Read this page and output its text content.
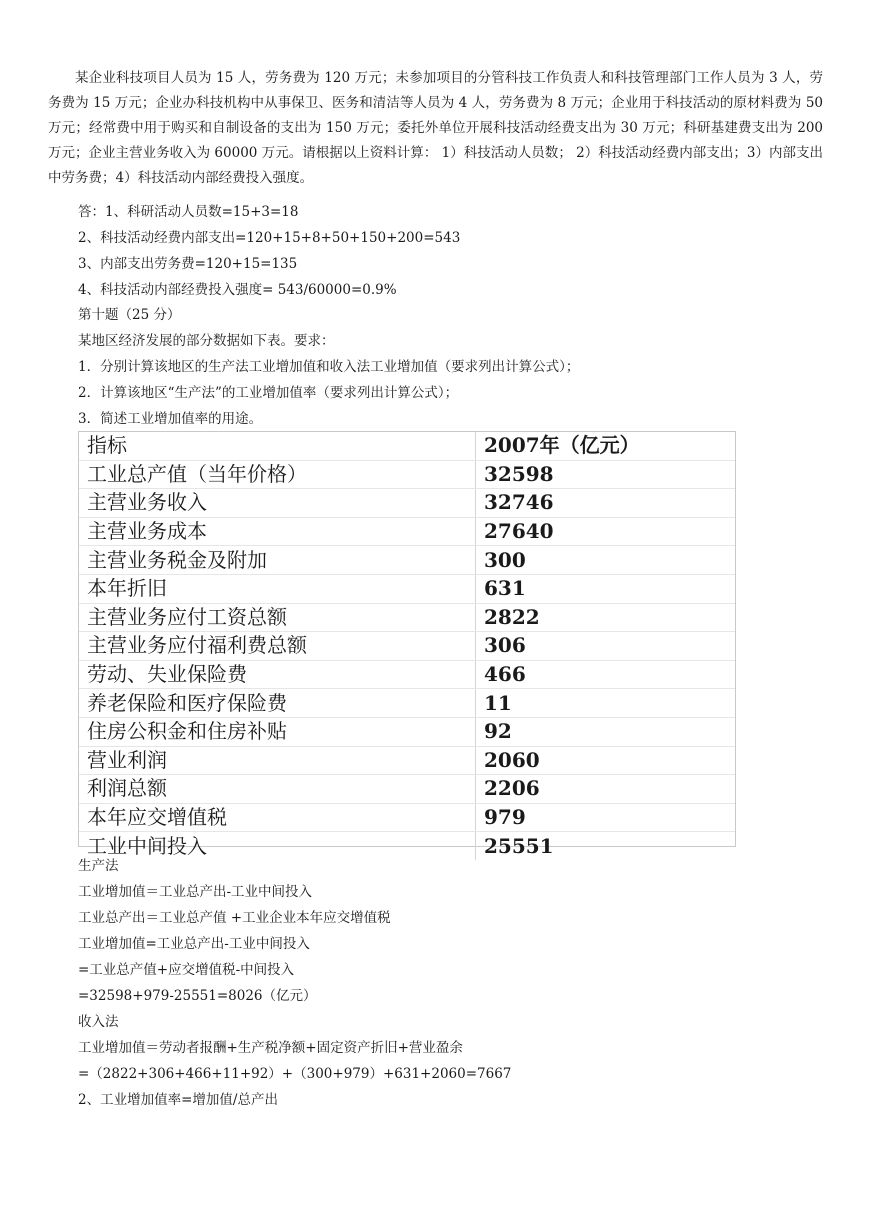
某企业科技项目人员为 15 人，劳务费为 120 万元；未参加项目的分管科技工作负责人和科技管理部门工作人员为 3 人，劳务费为 15 万元；企业办科技机构中从事保卫、医务和清洁等人员为 4 人，劳务费为 8 万元；企业用于科技活动的原材料费为 50 万元；经常费中用于购买和自制设备的支出为 150 万元；委托外单位开展科技活动经费支出为 30 万元；科研基建费支出为 200 万元；企业主营业务收入为 60000 万元。请根据以上资料计算： 1）科技活动人员数； 2）科技活动经费内部支出；3）内部支出中劳务费；4）科技活动内部经费投入强度。

答：1、科研活动人员数=15+3=18

2、科技活动经费内部支出=120+15+8+50+150+200=543

3、内部支出劳务费=120+15=135

4、科技活动内部经费投入强度= 543/60000=0.9%

第十题（25 分）

某地区经济发展的部分数据如下表。要求：

1．分别计算该地区的生产法工业增加值和收入法工业增加值（要求列出计算公式）；

2．计算该地区“生产法”的工业增加值率（要求列出计算公式）；

3．简述工业增加值率的用途。

指标	2007年（亿元）
工业总产值（当年价格）	32598
主营业务收入	32746
主营业务成本	27640
主营业务税金及附加	300
本年折旧	631
主营业务应付工资总额	2822
主营业务应付福利费总额	306
劳动、失业保险费	466
养老保险和医疗保险费	11
住房公积金和住房补贴	92
营业利润	2060
利润总额	2206
本年应交增值税	979
工业中间投入	25551

生产法

工业增加值＝工业总产出-工业中间投入

工业总产出＝工业总产值 +工业企业本年应交增值税

工业增加值=工业总产出-工业中间投入

=工业总产值+应交增值税-中间投入

=32598+979-25551=8026（亿元）

收入法

工业增加值＝劳动者报酬+生产税净额+固定资产折旧+营业盈余

=（2822+306+466+11+92）+（300+979）+631+2060=7667

2、工业增加值率=增加值/总产出
